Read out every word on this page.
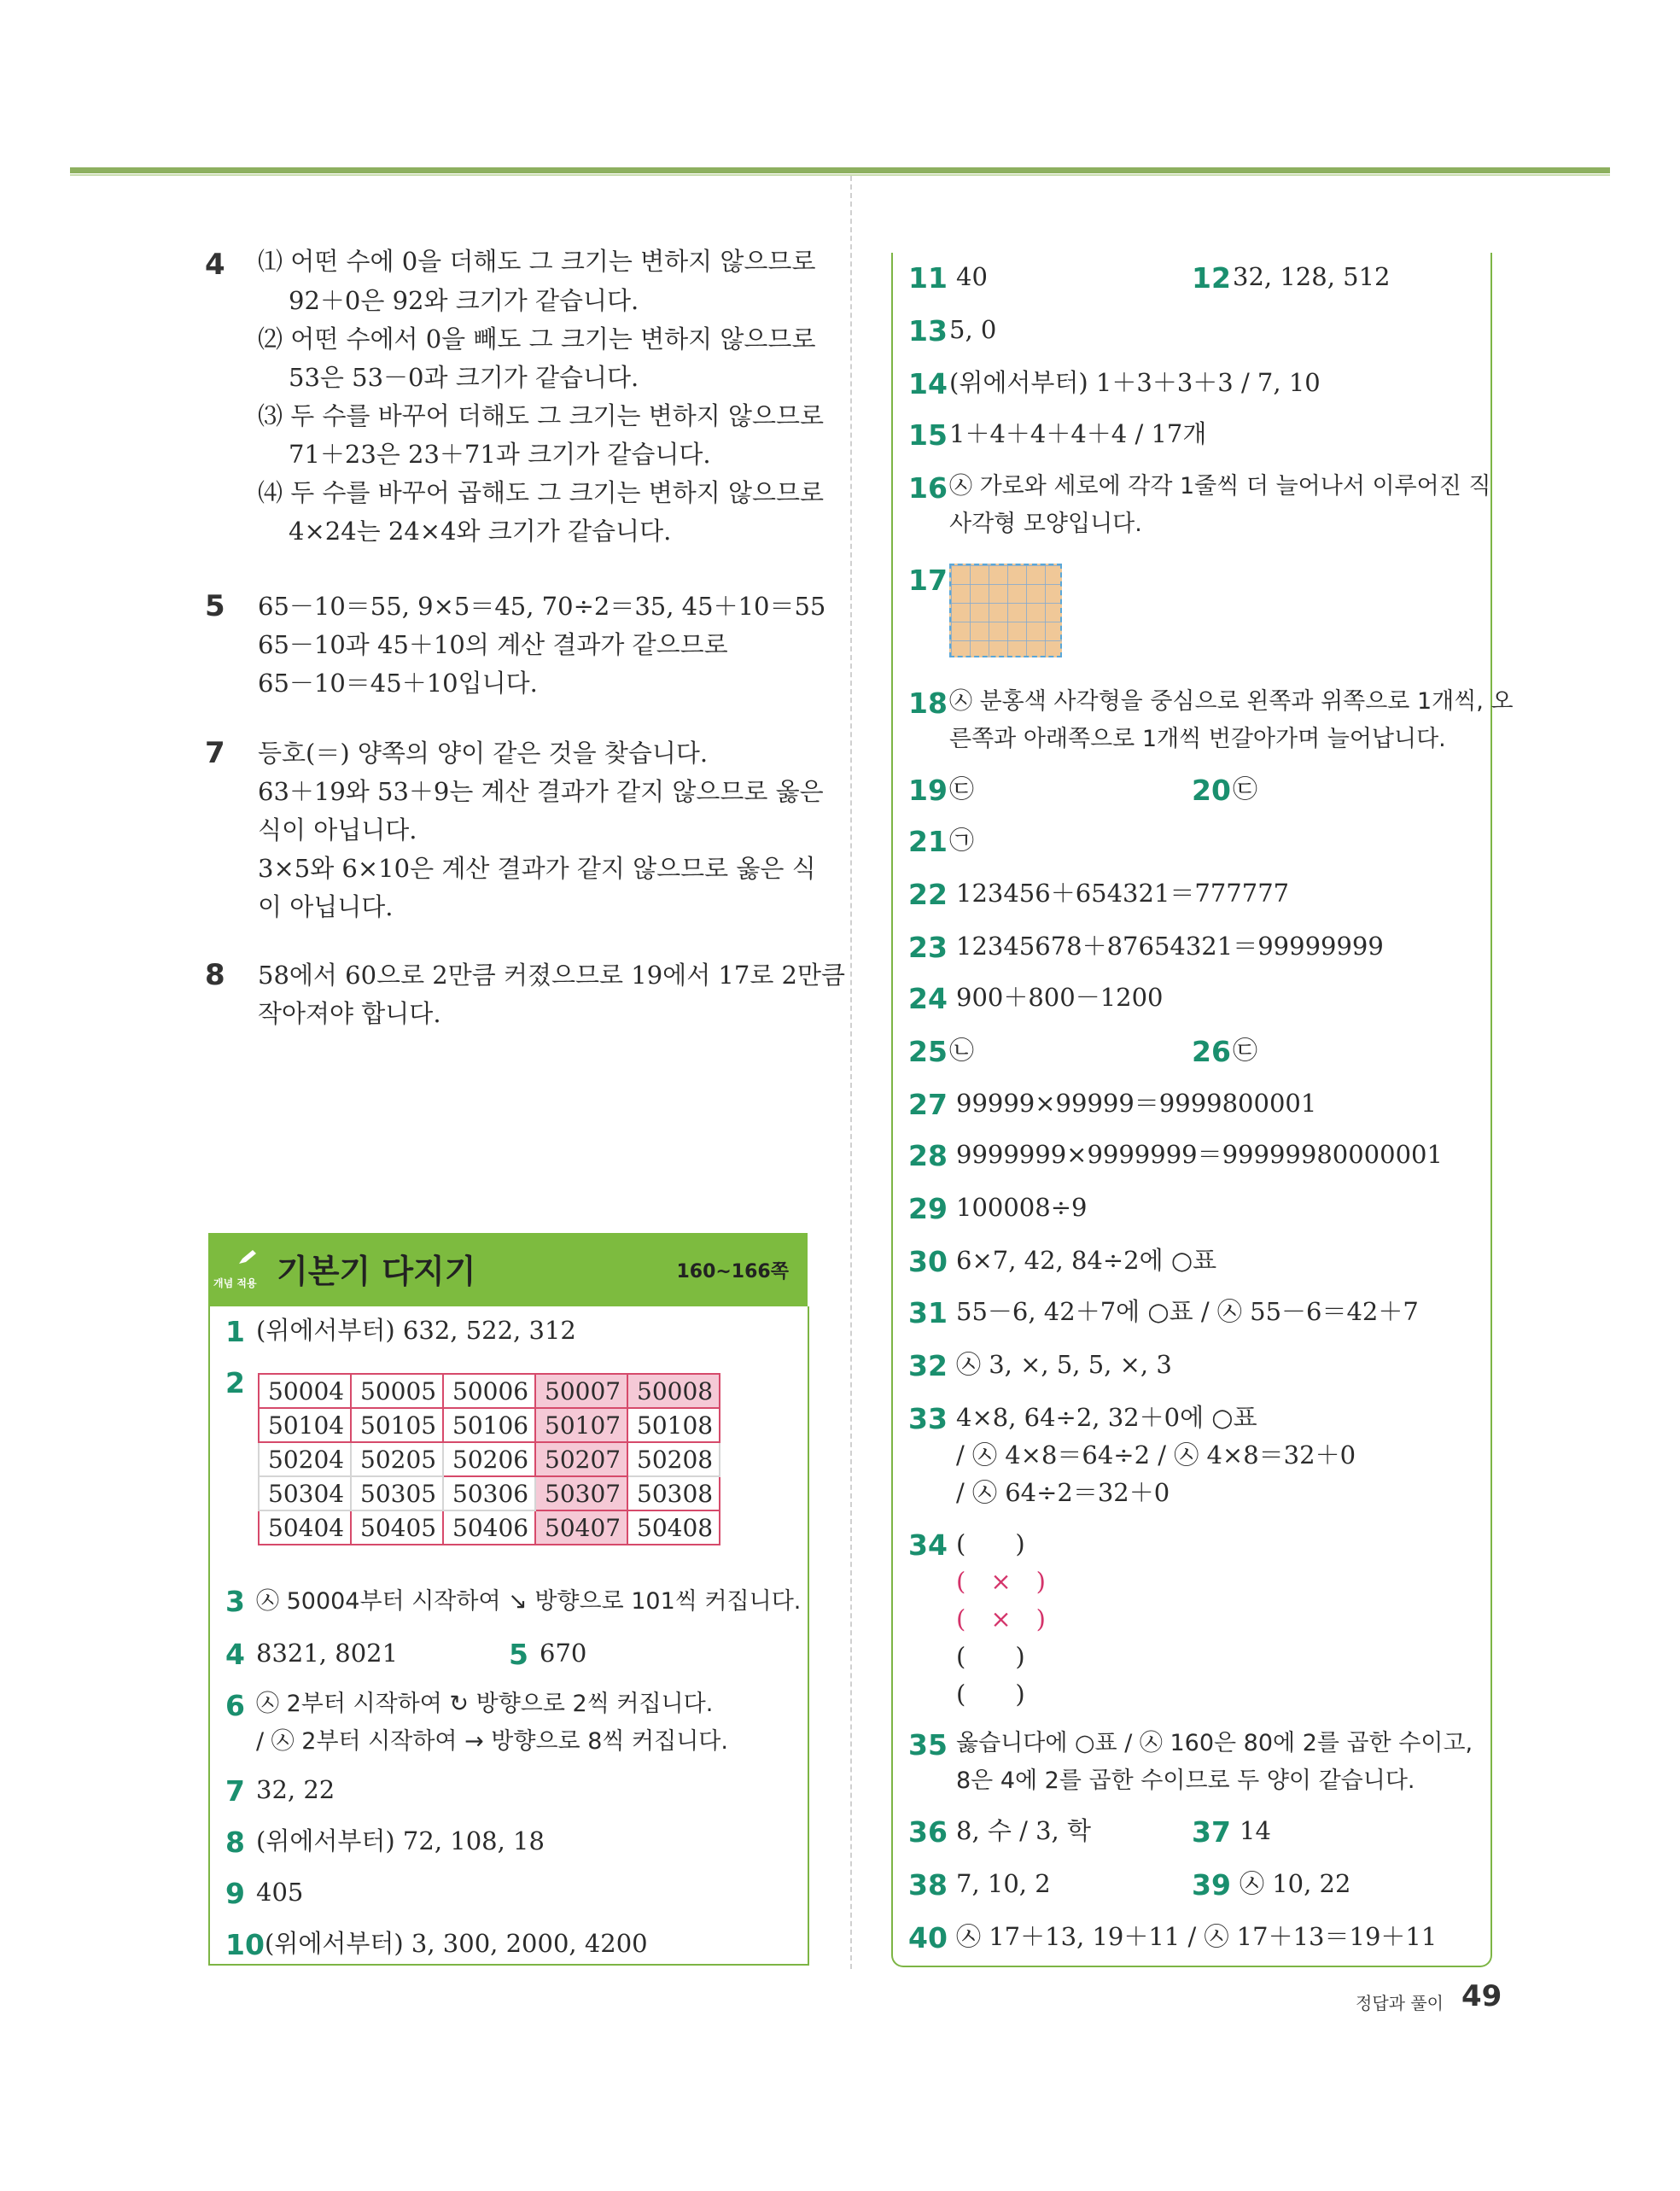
4 ⑴ 어떤 수에 0을 더해도 그 크기는 변하지 않으므로
92＋0은 92와 크기가 같습니다.
⑵ 어떤 수에서 0을 빼도 그 크기는 변하지 않으므로
53은 53－0과 크기가 같습니다.
⑶ 두 수를 바꾸어 더해도 그 크기는 변하지 않으므로
71＋23은 23＋71과 크기가 같습니다.
⑷ 두 수를 바꾸어 곱해도 그 크기는 변하지 않으므로
4×24는 24×4와 크기가 같습니다.
5 65－10＝55, 9×5＝45, 70÷2＝35, 45＋10＝55
65－10과 45＋10의 계산 결과가 같으므로
65－10＝45＋10입니다.
7 등호(＝) 양쪽의 양이 같은 것을 찾습니다.
63＋19와 53＋9는 계산 결과가 같지 않으므로 옳은
식이 아닙니다.
3×5와 6×10은 계산 결과가 같지 않으므로 옳은 식
이 아닙니다.
8 58에서 60으로 2만큼 커졌으므로 19에서 17로 2만큼
작아져야 합니다.
개념 적용 기본기 다지기	160~166쪽
1 (위에서부터) 632, 522, 312
2 50004	50005	50006	50007	50008
50104	50105	50106	50107	50108
50204	50205	50206	50207	50208
50304	50305	50306	50307	50308
50404	50405	50406	50407	50408
3 ㉦ 50004부터 시작하여 ↘ 방향으로 101씩 커집니다.
4 8321, 8021	5 670
6 ㉦ 2부터 시작하여 ↻ 방향으로 2씩 커집니다.
/ ㉦ 2부터 시작하여 → 방향으로 8씩 커집니다.
7 32, 22
8 (위에서부터) 72, 108, 18
9 405
10 (위에서부터) 3, 300, 2000, 4200
11 40	12 32, 128, 512
13 5, 0
14 (위에서부터) 1＋3＋3＋3 / 7, 10
15 1＋4＋4＋4＋4 / 17개
16 ㉦ 가로와 세로에 각각 1줄씩 더 늘어나서 이루어진 직
사각형 모양입니다.
17
18 ㉦ 분홍색 사각형을 중심으로 왼쪽과 위쪽으로 1개씩, 오
른쪽과 아래쪽으로 1개씩 번갈아가며 늘어납니다.
19 ㉢	20 ㉢
21 ㉠
22 123456＋654321＝777777
23 12345678＋87654321＝99999999
24 900＋800－1200
25 ㉡	26 ㉢
27 99999×99999＝9999800001
28 9999999×9999999＝99999980000001
29 100008÷9
30 6×7, 42, 84÷2에 ○표
31 55－6, 42＋7에 ○표 / ㉦ 55－6＝42＋7
32 ㉦ 3, ×, 5, 5, ×, 3
33 4×8, 64÷2, 32＋0에 ○표
/ ㉦ 4×8＝64÷2 / ㉦ 4×8＝32＋0
/ ㉦ 64÷2＝32＋0
34 (　　)
(　×　)
(　×　)
(　　)
(　　)
35 옳습니다에 ○표 / ㉦ 160은 80에 2를 곱한 수이고,
8은 4에 2를 곱한 수이므로 두 양이 같습니다.
36 8, 수 / 3, 학	37 14
38 7, 10, 2	39 ㉦ 10, 22
40 ㉦ 17＋13, 19＋11 / ㉦ 17＋13＝19＋11
정답과 풀이 49
